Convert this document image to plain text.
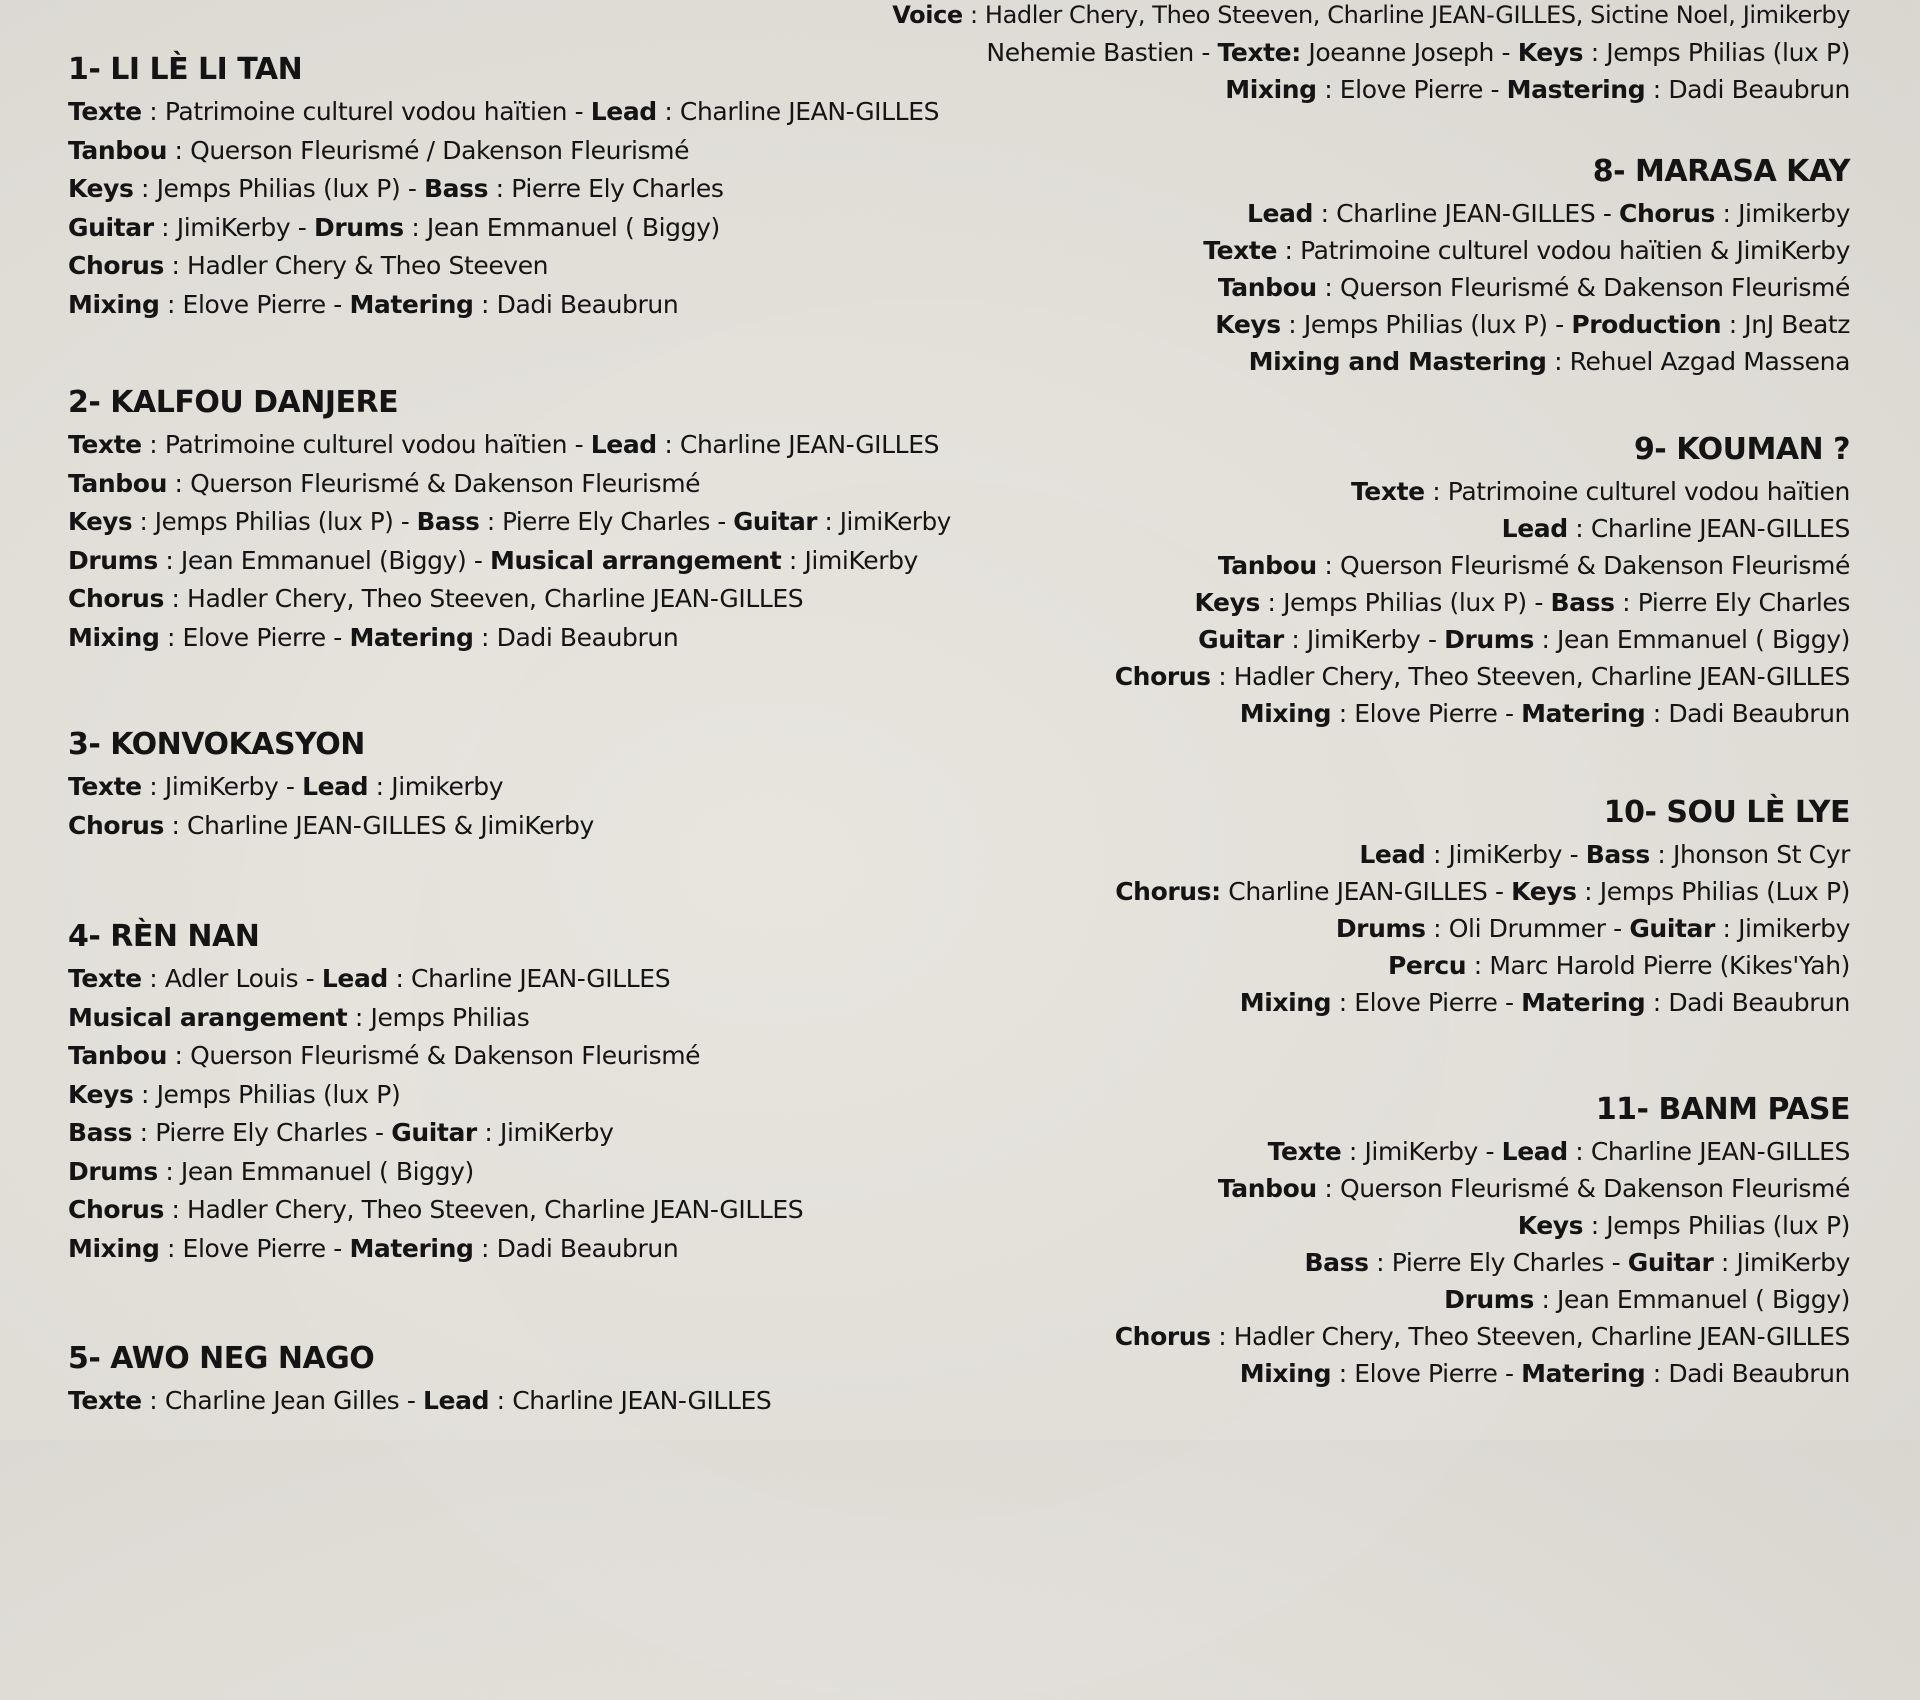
1- LI LÈ LI TAN
Texte : Patrimoine culturel vodou haïtien - Lead : Charline JEAN-GILLES
Tanbou : Querson Fleurismé / Dakenson Fleurismé
Keys : Jemps Philias (lux P) - Bass : Pierre Ely Charles
Guitar : JimiKerby - Drums : Jean Emmanuel ( Biggy)
Chorus : Hadler Chery & Theo Steeven
Mixing : Elove Pierre - Matering : Dadi Beaubrun
2- KALFOU DANJERE
Texte : Patrimoine culturel vodou haïtien - Lead : Charline JEAN-GILLES
Tanbou : Querson Fleurismé & Dakenson Fleurismé
Keys : Jemps Philias (lux P) - Bass : Pierre Ely Charles - Guitar : JimiKerby
Drums : Jean Emmanuel (Biggy) - Musical arrangement : JimiKerby
Chorus : Hadler Chery, Theo Steeven, Charline JEAN-GILLES
Mixing : Elove Pierre - Matering : Dadi Beaubrun
3- KONVOKASYON
Texte : JimiKerby - Lead : Jimikerby
Chorus : Charline JEAN-GILLES & JimiKerby
4- RÈN NAN
Texte : Adler Louis - Lead : Charline JEAN-GILLES
Musical arangement : Jemps Philias
Tanbou : Querson Fleurismé & Dakenson Fleurismé
Keys : Jemps Philias (lux P)
Bass : Pierre Ely Charles - Guitar : JimiKerby
Drums : Jean Emmanuel ( Biggy)
Chorus : Hadler Chery, Theo Steeven, Charline JEAN-GILLES
Mixing : Elove Pierre - Matering : Dadi Beaubrun
5- AWO NEG NAGO
Texte : Charline Jean Gilles - Lead : Charline JEAN-GILLES
Voice : Hadler Chery, Theo Steeven, Charline JEAN-GILLES, Sictine Noel, Jimikerby
Nehemie Bastien - Texte: Joeanne Joseph - Keys : Jemps Philias (lux P)
Mixing : Elove Pierre - Mastering : Dadi Beaubrun
8- MARASA KAY
Lead : Charline JEAN-GILLES - Chorus : Jimikerby
Texte : Patrimoine culturel vodou haïtien & JimiKerby
Tanbou : Querson Fleurismé & Dakenson Fleurismé
Keys : Jemps Philias (lux P) - Production : JnJ Beatz
Mixing and Mastering : Rehuel Azgad Massena
9- KOUMAN ?
Texte : Patrimoine culturel vodou haïtien
Lead : Charline JEAN-GILLES
Tanbou : Querson Fleurismé & Dakenson Fleurismé
Keys : Jemps Philias (lux P) - Bass : Pierre Ely Charles
Guitar : JimiKerby - Drums : Jean Emmanuel ( Biggy)
Chorus : Hadler Chery, Theo Steeven, Charline JEAN-GILLES
Mixing : Elove Pierre - Matering : Dadi Beaubrun
10- SOU LÈ LYE
Lead : JimiKerby - Bass : Jhonson St Cyr
Chorus: Charline JEAN-GILLES - Keys : Jemps Philias (Lux P)
Drums : Oli Drummer - Guitar : Jimikerby
Percu : Marc Harold Pierre (Kikes'Yah)
Mixing : Elove Pierre - Matering : Dadi Beaubrun
11- BANM PASE
Texte : JimiKerby - Lead : Charline JEAN-GILLES
Tanbou : Querson Fleurismé & Dakenson Fleurismé
Keys : Jemps Philias (lux P)
Bass : Pierre Ely Charles - Guitar : JimiKerby
Drums : Jean Emmanuel ( Biggy)
Chorus : Hadler Chery, Theo Steeven, Charline JEAN-GILLES
Mixing : Elove Pierre - Matering : Dadi Beaubrun
